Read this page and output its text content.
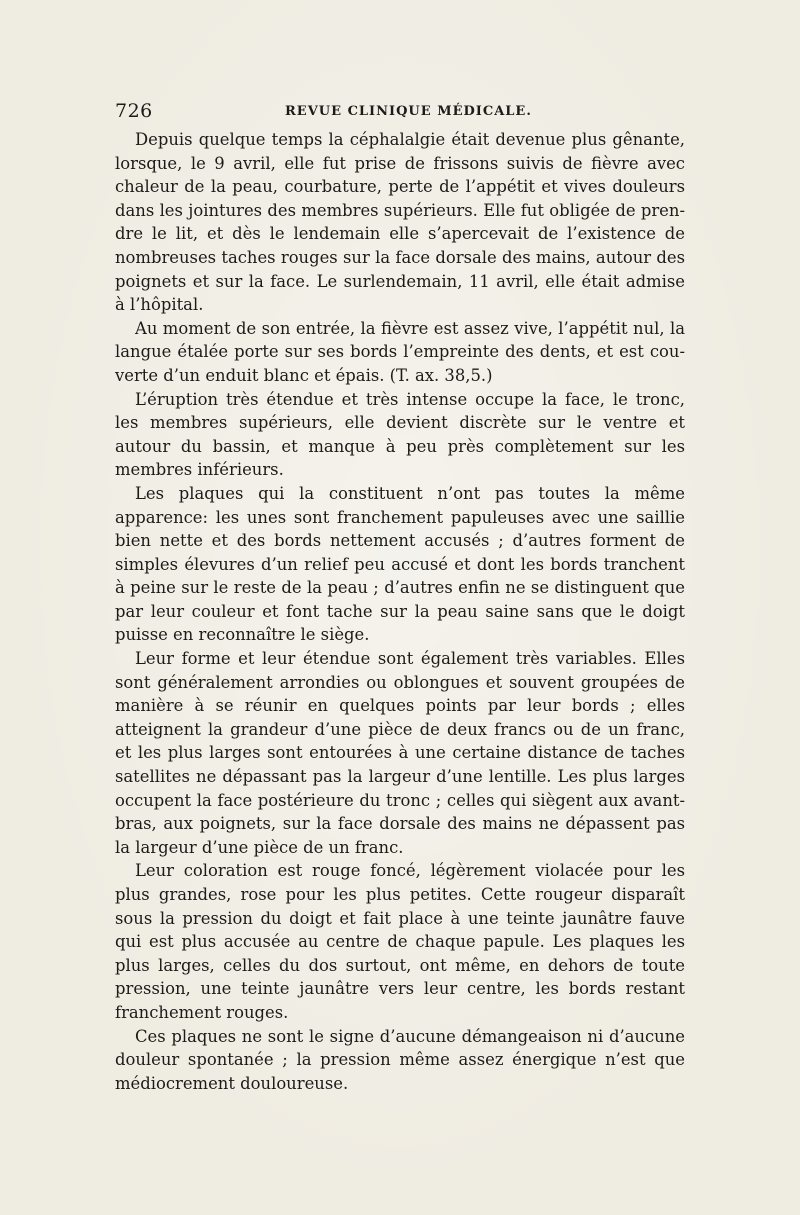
726	REVUE CLINIQUE MÉDICALE.

Depuis quelque temps la céphalalgie était devenue plus gênante, lorsque, le 9 avril, elle fut prise de frissons suivis de fièvre avec chaleur de la peau, courbature, perte de l’appétit et vives douleurs dans les jointures des membres supérieurs. Elle fut obligée de prendre le lit, et dès le lendemain elle s’apercevait de l’existence de nombreuses taches rouges sur la face dorsale des mains, autour des poignets et sur la face. Le surlendemain, 11 avril, elle était admise à l’hôpital.

Au moment de son entrée, la fièvre est assez vive, l’appétit nul, la langue étalée porte sur ses bords l’empreinte des dents, et est couverte d’un enduit blanc et épais. (T. ax. 38,5.)

L’éruption très étendue et très intense occupe la face, le tronc, les membres supérieurs, elle devient discrète sur le ventre et autour du bassin, et manque à peu près complètement sur les membres inférieurs.

Les plaques qui la constituent n’ont pas toutes la même apparence: les unes sont franchement papuleuses avec une saillie bien nette et des bords nettement accusés ; d’autres forment de simples élevures d’un relief peu accusé et dont les bords tranchent à peine sur le reste de la peau ; d’autres enfin ne se distinguent que par leur couleur et font tache sur la peau saine sans que le doigt puisse en reconnaître le siège.

Leur forme et leur étendue sont également très variables. Elles sont généralement arrondies ou oblongues et souvent groupées de manière à se réunir en quelques points par leur bords ; elles atteignent la grandeur d’une pièce de deux francs ou de un franc, et les plus larges sont entourées à une certaine distance de taches satellites ne dépassant pas la largeur d’une lentille. Les plus larges occupent la face postérieure du tronc ; celles qui siègent aux avant-bras, aux poignets, sur la face dorsale des mains ne dépassent pas la largeur d’une pièce de un franc.

Leur coloration est rouge foncé, légèrement violacée pour les plus grandes, rose pour les plus petites. Cette rougeur disparaît sous la pression du doigt et fait place à une teinte jaunâtre fauve qui est plus accusée au centre de chaque papule. Les plaques les plus larges, celles du dos surtout, ont même, en dehors de toute pression, une teinte jaunâtre vers leur centre, les bords restant franchement rouges.

Ces plaques ne sont le signe d’aucune démangeaison ni d’aucune douleur spontanée ; la pression même assez énergique n’est que médiocrement douloureuse.
